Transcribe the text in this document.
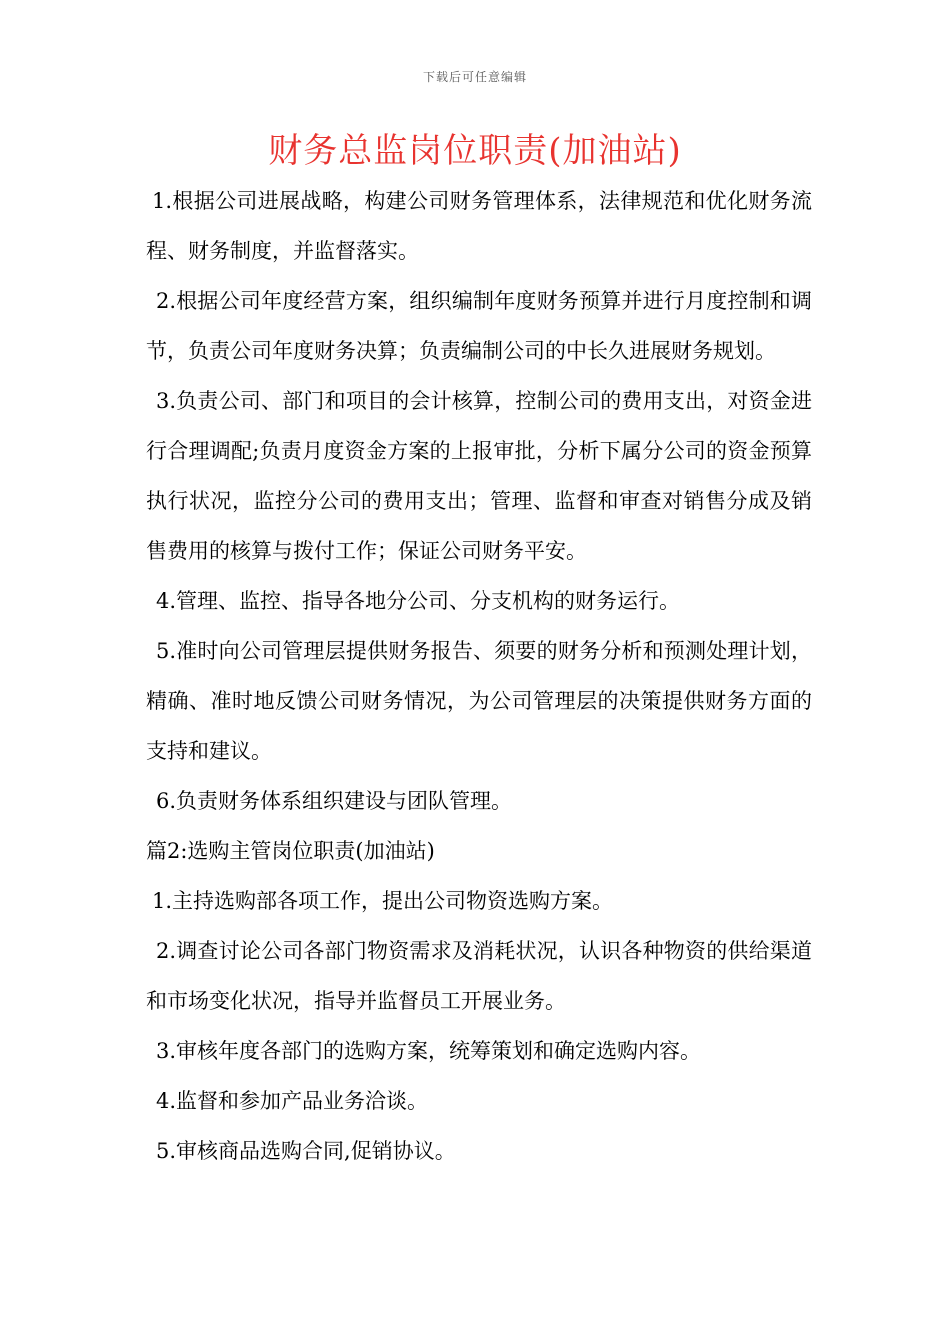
下载后可任意编辑
财务总监岗位职责(加油站)

1.根据公司进展战略，构建公司财务管理体系，法律规范和优化财务流程、财务制度，并监督落实。

2.根据公司年度经营方案，组织编制年度财务预算并进行月度控制和调节，负责公司年度财务决算；负责编制公司的中长久进展财务规划。

3.负责公司、部门和项目的会计核算，控制公司的费用支出，对资金进行合理调配;负责月度资金方案的上报审批，分析下属分公司的资金预算执行状况，监控分公司的费用支出；管理、监督和审查对销售分成及销售费用的核算与拨付工作；保证公司财务平安。

4.管理、监控、指导各地分公司、分支机构的财务运行。

5.准时向公司管理层提供财务报告、须要的财务分析和预测处理计划，精确、准时地反馈公司财务情况，为公司管理层的决策提供财务方面的支持和建议。

6.负责财务体系组织建设与团队管理。

篇2:选购主管岗位职责(加油站)

1.主持选购部各项工作，提出公司物资选购方案。

2.调查讨论公司各部门物资需求及消耗状况，认识各种物资的供给渠道和市场变化状况，指导并监督员工开展业务。

3.审核年度各部门的选购方案，统筹策划和确定选购内容。

4.监督和参加产品业务洽谈。

5.审核商品选购合同,促销协议。
